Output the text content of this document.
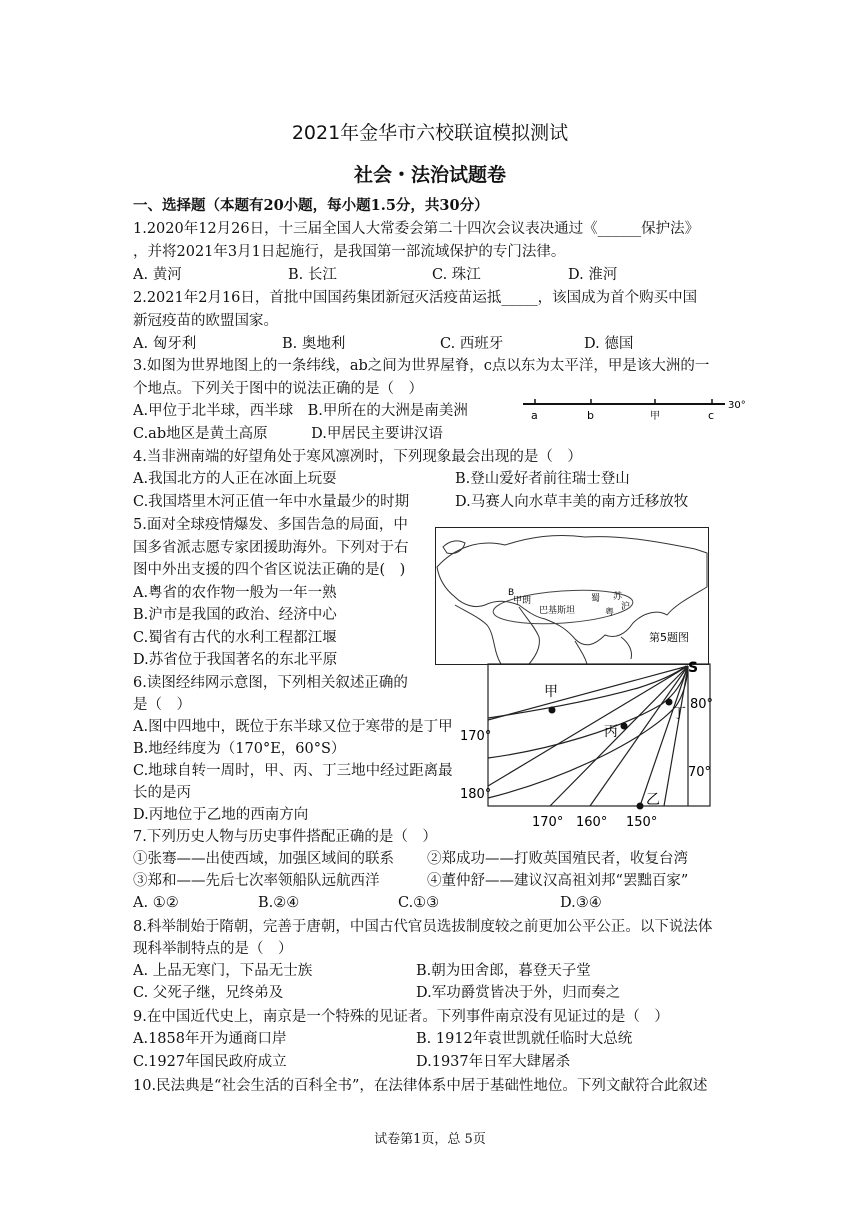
2021年金华市六校联谊模拟测试
社会・法治试题卷
一、选择题（本题有20小题，每小题1.5分，共30分）
1.2020年12月26日，十三届全国人大常委会第二十四次会议表决通过《______保护法》
，并将2021年3月1日起施行，是我国第一部流域保护的专门法律。
A. 黄河	B. 长江	C. 珠江	D. 淮河
2.2021年2月16日，首批中国国药集团新冠灭活疫苗运抵_____，该国成为首个购买中国
新冠疫苗的欧盟国家。
A. 匈牙利	B. 奥地利	C. 西班牙	D. 德国
3.如图为世界地图上的一条纬线，ab之间为世界屋脊，c点以东为太平洋，甲是该大洲的一
个地点。下列关于图中的说法正确的是（　）
A.甲位于北半球，西半球　B.甲所在的大洲是南美洲
C.ab地区是黄土高原　　　D.甲居民主要讲汉语
a	b	甲	c
30°
4.当非洲南端的好望角处于寒风凛冽时，下列现象最会出现的是（　）
A.我国北方的人正在冰面上玩耍	B.登山爱好者前往瑞士登山
C.我国塔里木河正值一年中水量最少的时期	D.马赛人向水草丰美的南方迁移放牧
5.面对全球疫情爆发、多国告急的局面，中
国多省派志愿专家团援助海外。下列对于右
图中外出支援的四个省区说法正确的是(　)
A.粤省的农作物一般为一年一熟
B.沪市是我国的政治、经济中心
C.蜀省有古代的水利工程都江堰
D.苏省位于我国著名的东北平原
B
甲朗
巴基斯坦
蜀 苏
沪
粤
第5题图
6.读图经纬网示意图，下列相关叙述正确的
是（　）
A.图中四地中，既位于东半球又位于寒带的是丁甲
B.地经纬度为（170°E，60°S）
C.地球自转一周时，甲、丙、丁三地中经过距离最
长的是丙
D.丙地位于乙地的西南方向
S
甲
丙
丁
乙
80°
70°
170°
180°
170° 160° 150°
7.下列历史人物与历史事件搭配正确的是（　）
①张骞——出使西域，加强区域间的联系 ②郑成功——打败英国殖民者，收复台湾
③郑和——先后七次率领船队远航西洋	④董仲舒——建议汉高祖刘邦“罢黜百家”
A. ①②	B.②④	C.①③	D.③④
8.科举制始于隋朝，完善于唐朝，中国古代官员选拔制度较之前更加公平公正。以下说法体
现科举制特点的是（　）
A. 上品无寒门，下品无士族	B.朝为田舍郎，暮登天子堂
C. 父死子继，兄终弟及	D.军功爵赏皆决于外，归而奏之
9.在中国近代史上，南京是一个特殊的见证者。下列事件南京没有见证过的是（　）
A.1858年开为通商口岸	B. 1912年袁世凯就任临时大总统
C.1927年国民政府成立	D.1937年日军大肆屠杀
10.民法典是“社会生活的百科全书”，在法律体系中居于基础性地位。下列文献符合此叙述
试卷第1页，总 5页
